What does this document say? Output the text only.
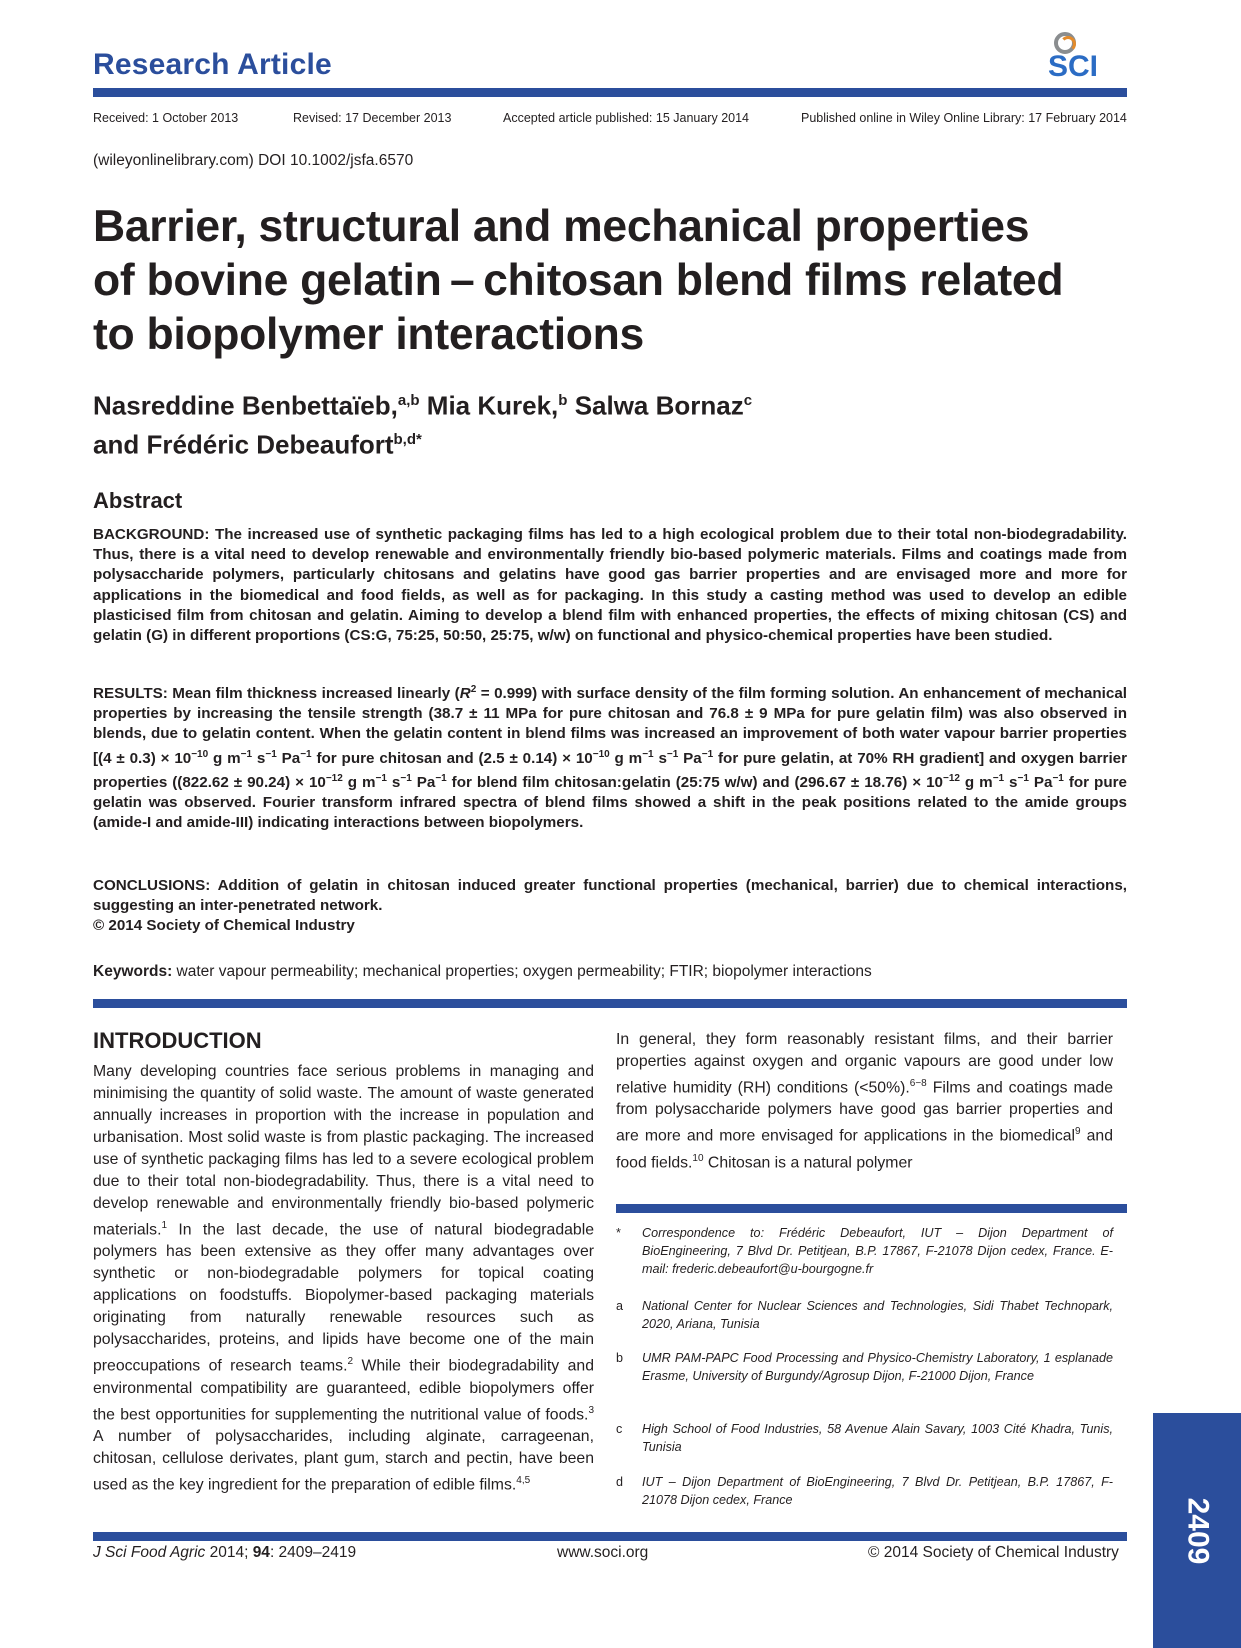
Research Article	SCI
Received: 1 October 2013	Revised: 17 December 2013	Accepted article published: 15 January 2014	Published online in Wiley Online Library: 17 February 2014
(wileyonlinelibrary.com) DOI 10.1002/jsfa.6570
Barrier, structural and mechanical properties
of bovine gelatin – chitosan blend films related
to biopolymer interactions
Nasreddine Benbettaïeb,$^{a,b}$ Mia Kurek,$^b$ Salwa Bornaz$^c$
and Frédéric Debeaufort$^{b,d*}$
Abstract
BACKGROUND: The increased use of synthetic packaging films has led to a high ecological problem due to their total non-biodegradability. Thus, there is a vital need to develop renewable and environmentally friendly bio-based polymeric materials. Films and coatings made from polysaccharide polymers, particularly chitosans and gelatins have good gas barrier properties and are envisaged more and more for applications in the biomedical and food fields, as well as for packaging. In this study a casting method was used to develop an edible plasticised film from chitosan and gelatin. Aiming to develop a blend film with enhanced properties, the effects of mixing chitosan (CS) and gelatin (G) in different proportions (CS:G, 75:25, 50:50, 25:75, w/w) on functional and physico-chemical properties have been studied.
RESULTS: Mean film thickness increased linearly $(R^2 = 0.999)$ with surface density of the film forming solution. An enhancement of mechanical properties by increasing the tensile strength (38.7 ± 11 MPa for pure chitosan and 76.8 ± 9 MPa for pure gelatin film) was also observed in blends, due to gelatin content. When the gelatin content in blend films was increased an improvement of both water vapour barrier properties [$(4 \pm 0.3) \times 10^{-10}$ g $m^{-1}$ $s^{-1}$ $Pa^{-1}$ for pure chitosan and $(2.5 \pm 0.14) \times 10^{-10}$ g $m^{-1}$ $s^{-1}$ $Pa^{-1}$ for pure gelatin, at 70% RH gradient] and oxygen barrier properties ($(822.62 \pm 90.24) \times 10^{-12}$ g $m^{-1}$ $s^{-1}$ $Pa^{-1}$ for blend film chitosan:gelatin (25:75 w/w) and $(296.67 \pm 18.76) \times 10^{-12}$ g $m^{-1}$ $s^{-1}$ $Pa^{-1}$ for pure gelatin was observed. Fourier transform infrared spectra of blend films showed a shift in the peak positions related to the amide groups (amide-I and amide-III) indicating interactions between biopolymers.
CONCLUSIONS: Addition of gelatin in chitosan induced greater functional properties (mechanical, barrier) due to chemical interactions, suggesting an inter-penetrated network.
© 2014 Society of Chemical Industry
Keywords: water vapour permeability; mechanical properties; oxygen permeability; FTIR; biopolymer interactions
INTRODUCTION
Many developing countries face serious problems in managing and minimising the quantity of solid waste. The amount of waste generated annually increases in proportion with the increase in population and urbanisation. Most solid waste is from plastic packaging. The increased use of synthetic packaging films has led to a severe ecological problem due to their total non-biodegradability. Thus, there is a vital need to develop renewable and environmentally friendly bio-based polymeric materials.$^1$ In the last decade, the use of natural biodegradable polymers has been extensive as they offer many advantages over synthetic or non-biodegradable polymers for topical coating applications on foodstuffs. Biopolymer-based packaging materials originating from naturally renewable resources such as polysaccharides, proteins, and lipids have become one of the main preoccupations of research teams.$^2$ While their biodegradability and environmental compatibility are guaranteed, edible biopolymers offer the best opportunities for supplementing the nutritional value of foods.$^3$ A number of polysaccharides, including alginate, carrageenan, chitosan, cellulose derivates, plant gum, starch and pectin, have been used as the key ingredient for the preparation of edible films.$^{4,5}$
In general, they form reasonably resistant films, and their barrier properties against oxygen and organic vapours are good under low relative humidity (RH) conditions (<50%).$^{6-8}$ Films and coatings made from polysaccharide polymers have good gas barrier properties and are more and more envisaged for applications in the biomedical$^9$ and food fields.$^{10}$ Chitosan is a natural polymer
* Correspondence to: Frédéric Debeaufort, IUT – Dijon Department of BioEngineering, 7 Blvd Dr. Petitjean, B.P. 17867, F-21078 Dijon cedex, France. E-mail: frederic.debeaufort@u-bourgogne.fr
a National Center for Nuclear Sciences and Technologies, Sidi Thabet Technopark, 2020, Ariana, Tunisia
b UMR PAM-PAPC Food Processing and Physico-Chemistry Laboratory, 1 esplanade Erasme, University of Burgundy/Agrosup Dijon, F-21000 Dijon, France
c High School of Food Industries, 58 Avenue Alain Savary, 1003 Cité Khadra, Tunis, Tunisia
d IUT – Dijon Department of BioEngineering, 7 Blvd Dr. Petitjean, B.P. 17867, F-21078 Dijon cedex, France	2409
J Sci Food Agric 2014; 94: 2409–2419	www.soci.org	© 2014 Society of Chemical Industry
